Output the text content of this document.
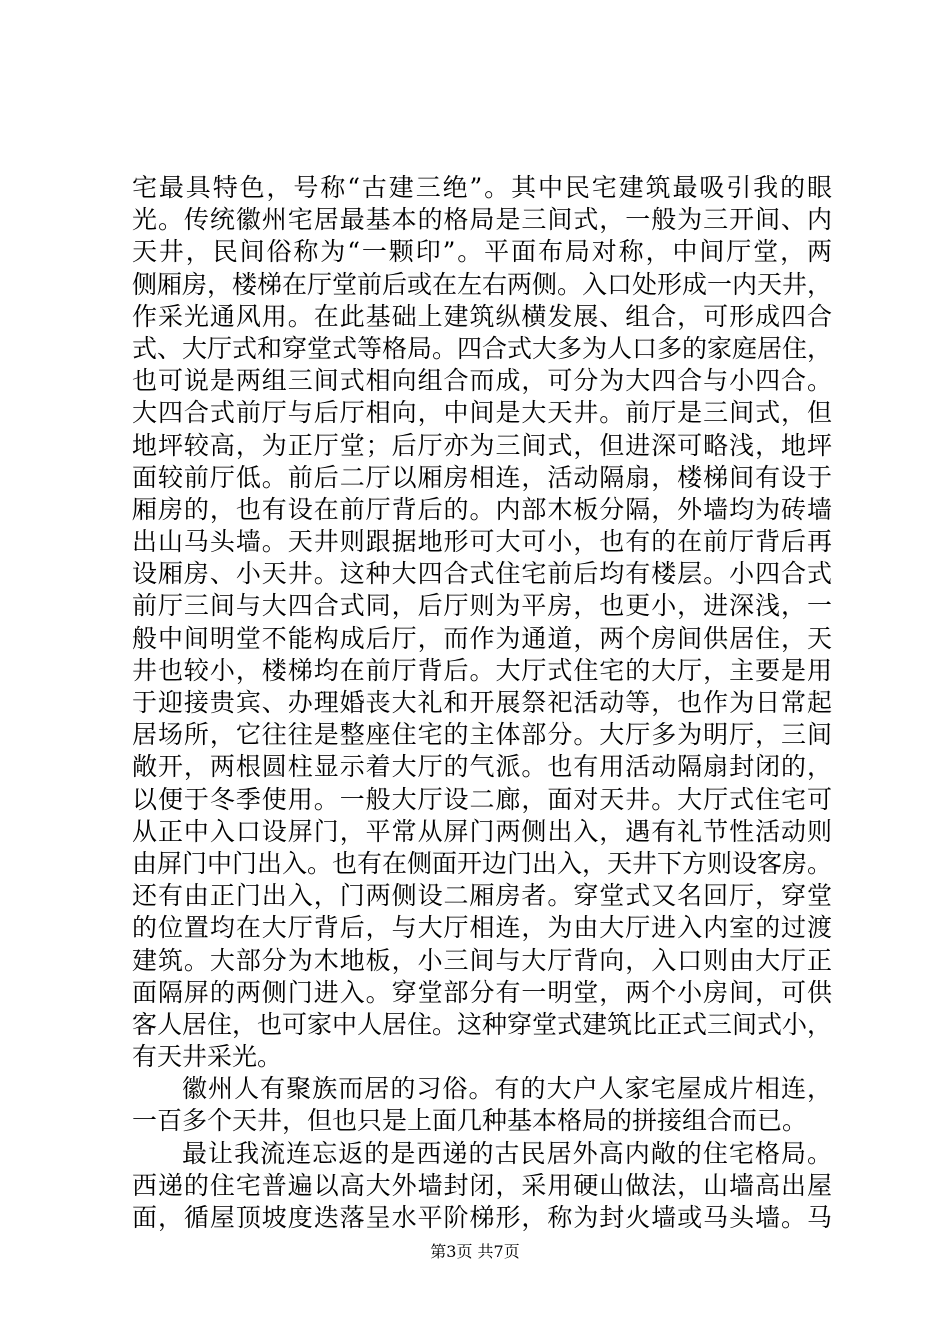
宅最具特色，号称“古建三绝”。其中民宅建筑最吸引我的眼
光。传统徽州宅居最基本的格局是三间式，一般为三开间、内
天井，民间俗称为“一颗印”。平面布局对称，中间厅堂，两
侧厢房，楼梯在厅堂前后或在左右两侧。入口处形成一内天井，
作采光通风用。在此基础上建筑纵横发展、组合，可形成四合
式、大厅式和穿堂式等格局。四合式大多为人口多的家庭居住，
也可说是两组三间式相向组合而成，可分为大四合与小四合。
大四合式前厅与后厅相向，中间是大天井。前厅是三间式，但
地坪较高，为正厅堂；后厅亦为三间式，但进深可略浅，地坪
面较前厅低。前后二厅以厢房相连，活动隔扇，楼梯间有设于
厢房的，也有设在前厅背后的。内部木板分隔，外墙均为砖墙
出山马头墙。天井则跟据地形可大可小，也有的在前厅背后再
设厢房、小天井。这种大四合式住宅前后均有楼层。小四合式
前厅三间与大四合式同，后厅则为平房，也更小，进深浅，一
般中间明堂不能构成后厅，而作为通道，两个房间供居住，天
井也较小，楼梯均在前厅背后。大厅式住宅的大厅，主要是用
于迎接贵宾、办理婚丧大礼和开展祭祀活动等，也作为日常起
居场所，它往往是整座住宅的主体部分。大厅多为明厅，三间
敞开，两根圆柱显示着大厅的气派。也有用活动隔扇封闭的，
以便于冬季使用。一般大厅设二廊，面对天井。大厅式住宅可
从正中入口设屏门，平常从屏门两侧出入，遇有礼节性活动则
由屏门中门出入。也有在侧面开边门出入，天井下方则设客房。
还有由正门出入，门两侧设二厢房者。穿堂式又名回厅，穿堂
的位置均在大厅背后，与大厅相连，为由大厅进入内室的过渡
建筑。大部分为木地板，小三间与大厅背向，入口则由大厅正
面隔屏的两侧门进入。穿堂部分有一明堂，两个小房间，可供
客人居住，也可家中人居住。这种穿堂式建筑比正式三间式小，
有天井采光。
徽州人有聚族而居的习俗。有的大户人家宅屋成片相连，
一百多个天井，但也只是上面几种基本格局的拼接组合而已。
最让我流连忘返的是西递的古民居外高内敞的住宅格局。
西递的住宅普遍以高大外墙封闭，采用硬山做法，山墙高出屋
面，循屋顶坡度迭落呈水平阶梯形，称为封火墙或马头墙。马
第3页 共7页
